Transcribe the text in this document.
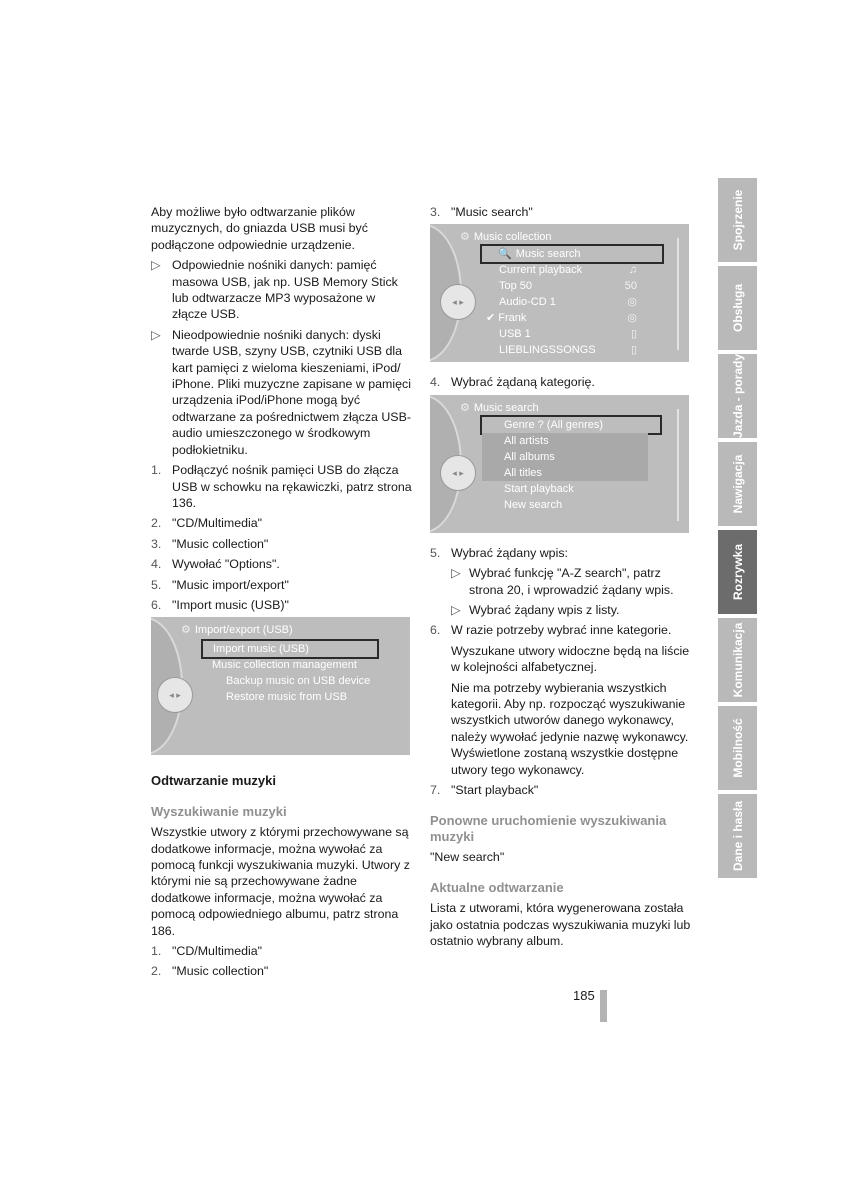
Aby możliwe było odtwarzanie plików muzycznych, do gniazda USB musi być podłączone odpowiednie urządzenie.

▷ Odpowiednie nośniki danych: pamięć masowa USB, jak np. USB Memory Stick lub odtwarzacze MP3 wyposażone w złącze USB.
▷ Nieodpowiednie nośniki danych: dyski twarde USB, szyny USB, czytniki USB dla kart pamięci z wieloma kieszeniami, iPod/ iPhone. Pliki muzyczne zapisane w pamięci urządzenia iPod/iPhone mogą być odtwarzane za pośrednictwem złącza USB-audio umieszczonego w środkowym podłokietniku.
1. Podłączyć nośnik pamięci USB do złącza USB w schowku na rękawiczki, patrz strona 136.
2. "CD/Multimedia"
3. "Music collection"
4. Wywołać "Options".
5. "Music import/export"
6. "Import music (USB)"
◂ ▸
⚙ Import/export (USB)
Import music (USB)
Music collection management
Backup music on USB device
Restore music from USB
Odtwarzanie muzyki
Wyszukiwanie muzyki

Wszystkie utwory z którymi przechowywane są dodatkowe informacje, można wywołać za pomocą funkcji wyszukiwania muzyki. Utwory z którymi nie są przechowywane żadne dodatkowe informacje, można wywołać za pomocą odpowiedniego albumu, patrz strona 186.

1. "CD/Multimedia"
2. "Music collection"
3. "Music search"
◂ ▸
⚙ Music collection
🔍 Music search
Current playback	♫
Top 50	50
Audio-CD 1	◎
✔ Frank	◎
USB 1	▯
LIEBLINGSSONGS	▯
4. Wybrać żądaną kategorię.
◂ ▸
⚙ Music search
Genre ? (All genres)
All artists
All albums
All titles
Start playback
New search
5. Wybrać żądany wpis:
▷ Wybrać funkcję "A-Z search", patrz strona 20, i wprowadzić żądany wpis.
▷ Wybrać żądany wpis z listy.
6. W razie potrzeby wybrać inne kategorie.

Wyszukane utwory widoczne będą na liście w kolejności alfabetycznej.

Nie ma potrzeby wybierania wszystkich kategorii. Aby np. rozpocząć wyszukiwanie wszystkich utworów danego wykonawcy, należy wywołać jedynie nazwę wykonawcy. Wyświetlone zostaną wszystkie dostępne utwory tego wykonawcy.

7. "Start playback"
Ponowne uruchomienie wyszukiwania muzyki

"New search"

Aktualne odtwarzanie

Lista z utworami, która wygenerowana została jako ostatnia podczas wyszukiwania muzyki lub ostatnio wybrany album.

185
Spojrzenie
Obsługa
Jazda - porady
Nawigacja
Rozrywka
Komunikacja
Mobilność
Dane i hasła
